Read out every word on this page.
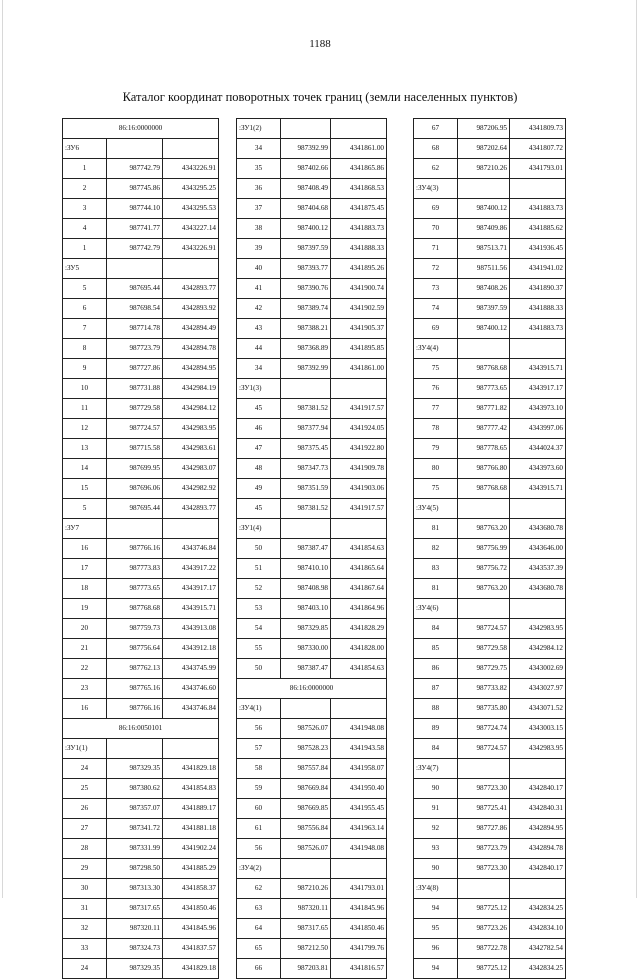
1188
Каталог координат поворотных точек границ (земли населенных пунктов)
86:16:0000000		
:ЗУ6		
1	987742.79	4343226.91
2	987745.86	4343295.25
3	987744.10	4343295.53
4	987741.77	4343227.14
1	987742.79	4343226.91
:ЗУ5		
5	987695.44	4342893.77
6	987698.54	4342893.92
7	987714.78	4342894.49
8	987723.79	4342894.78
9	987727.86	4342894.95
10	987731.88	4342984.19
11	987729.58	4342984.12
12	987724.57	4342983.95
13	987715.58	4342983.61
14	987699.95	4342983.07
15	987696.06	4342982.92
5	987695.44	4342893.77
:ЗУ7		
16	987766.16	4343746.84
17	987773.83	4343917.22
18	987773.65	4343917.17
19	987768.68	4343915.71
20	987759.73	4343913.08
21	987756.64	4343912.18
22	987762.13	4343745.99
23	987765.16	4343746.60
16	987766.16	4343746.84
86:16:0050101		
:ЗУ1(1)		
24	987329.35	4341829.18
25	987380.62	4341854.83
26	987357.07	4341889.17
27	987341.72	4341881.18
28	987331.99	4341902.24
29	987298.50	4341885.29
30	987313.30	4341858.37
31	987317.65	4341850.46
32	987320.11	4341845.96
33	987324.73	4341837.57
24	987329.35	4341829.18
:ЗУ1(2)		
34	987392.99	4341861.00
35	987402.66	4341865.86
36	987408.49	4341868.53
37	987404.68	4341875.45
38	987400.12	4341883.73
39	987397.59	4341888.33
40	987393.77	4341895.26
41	987390.76	4341900.74
42	987389.74	4341902.59
43	987388.21	4341905.37
44	987368.89	4341895.85
34	987392.99	4341861.00
:ЗУ1(3)		
45	987381.52	4341917.57
46	987377.94	4341924.05
47	987375.45	4341922.80
48	987347.73	4341909.78
49	987351.59	4341903.06
45	987381.52	4341917.57
:ЗУ1(4)		
50	987387.47	4341854.63
51	987410.10	4341865.64
52	987408.98	4341867.64
53	987403.10	4341864.96
54	987329.85	4341828.29
55	987330.00	4341828.00
50	987387.47	4341854.63
86:16:0000000		
:ЗУ4(1)		
56	987526.07	4341948.08
57	987528.23	4341943.58
58	987557.84	4341958.07
59	987669.84	4341950.40
60	987669.85	4341955.45
61	987556.84	4341963.14
56	987526.07	4341948.08
:ЗУ4(2)		
62	987210.26	4341793.01
63	987320.11	4341845.96
64	987317.65	4341850.46
65	987212.50	4341799.76
66	987203.81	4341816.57
67	987206.95	4341809.73
68	987202.64	4341807.72
62	987210.26	4341793.01
:ЗУ4(3)		
69	987400.12	4341883.73
70	987409.86	4341885.62
71	987513.71	4341936.45
72	987511.56	4341941.02
73	987408.26	4341890.37
74	987397.59	4341888.33
69	987400.12	4341883.73
:ЗУ4(4)		
75	987768.68	4343915.71
76	987773.65	4343917.17
77	987771.82	4343973.10
78	987777.42	4343997.06
79	987778.65	4344024.37
80	987766.80	4343973.60
75	987768.68	4343915.71
:ЗУ4(5)		
81	987763.20	4343680.78
82	987756.99	4343646.00
83	987756.72	4343537.39
81	987763.20	4343680.78
:ЗУ4(6)		
84	987724.57	4342983.95
85	987729.58	4342984.12
86	987729.75	4343002.69
87	987733.82	4343027.97
88	987735.80	4343071.52
89	987724.74	4343003.15
84	987724.57	4342983.95
:ЗУ4(7)		
90	987723.30	4342840.17
91	987725.41	4342840.31
92	987727.86	4342894.95
93	987723.79	4342894.78
90	987723.30	4342840.17
:ЗУ4(8)		
94	987725.12	4342834.25
95	987723.26	4342834.10
96	987722.78	4342782.54
94	987725.12	4342834.25
